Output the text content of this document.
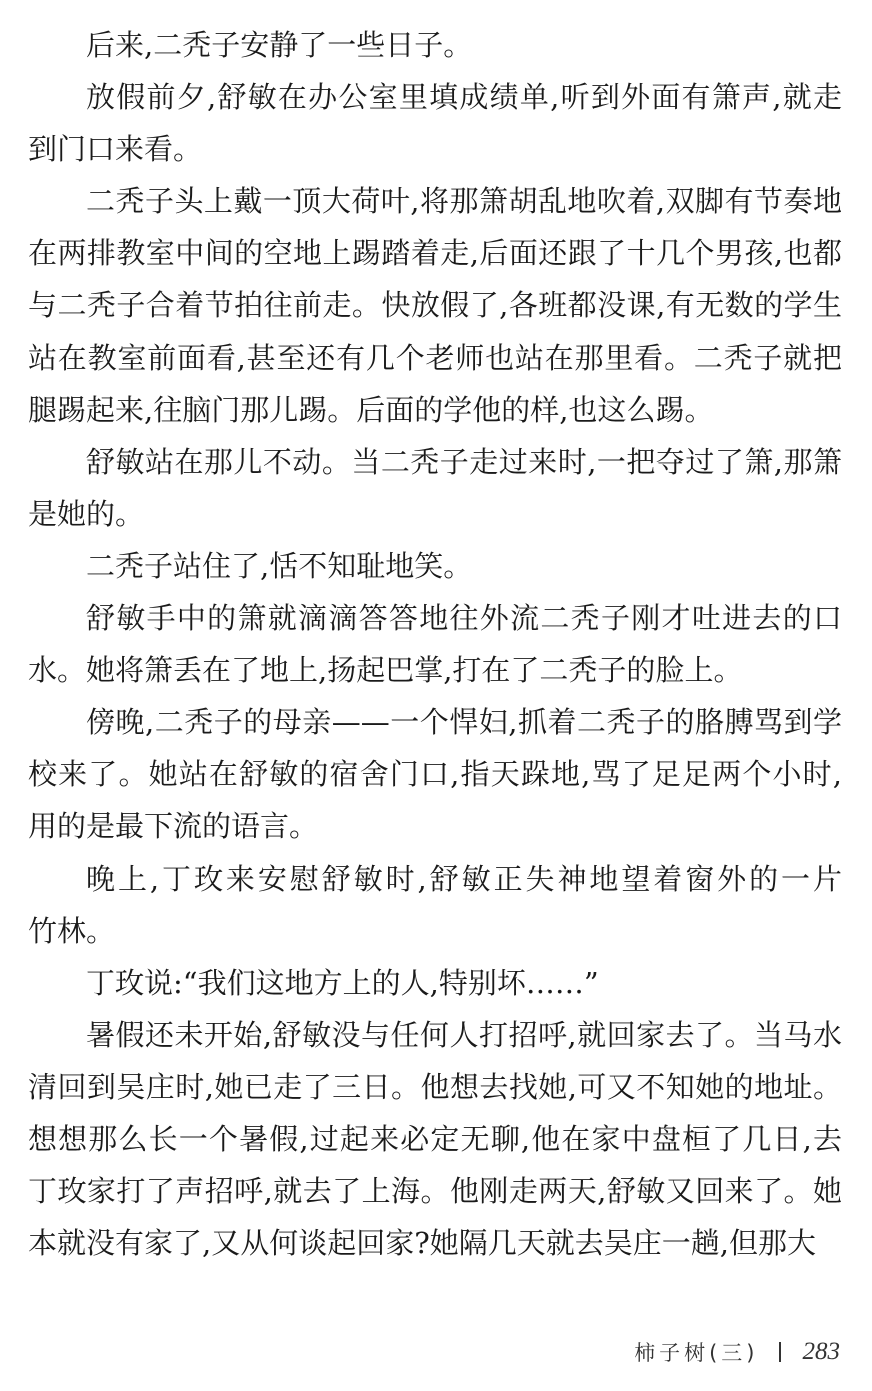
后来,二秃子安静了一些日子。
放假前夕,舒敏在办公室里填成绩单,听到外面有箫声,就走
到门口来看。
二秃子头上戴一顶大荷叶,将那箫胡乱地吹着,双脚有节奏地
在两排教室中间的空地上踢踏着走,后面还跟了十几个男孩,也都
与二秃子合着节拍往前走。快放假了,各班都没课,有无数的学生
站在教室前面看,甚至还有几个老师也站在那里看。二秃子就把
腿踢起来,往脑门那儿踢。后面的学他的样,也这么踢。
舒敏站在那儿不动。当二秃子走过来时,一把夺过了箫,那箫
是她的。
二秃子站住了,恬不知耻地笑。
舒敏手中的箫就滴滴答答地往外流二秃子刚才吐进去的口
水。她将箫丢在了地上,扬起巴掌,打在了二秃子的脸上。
傍晚,二秃子的母亲——一个悍妇,抓着二秃子的胳膊骂到学
校来了。她站在舒敏的宿舍门口,指天跺地,骂了足足两个小时,
用的是最下流的语言。
晚上,丁玫来安慰舒敏时,舒敏正失神地望着窗外的一片
竹林。
丁玫说:“我们这地方上的人,特别坏……”
暑假还未开始,舒敏没与任何人打招呼,就回家去了。当马水
清回到吴庄时,她已走了三日。他想去找她,可又不知她的地址。
想想那么长一个暑假,过起来必定无聊,他在家中盘桓了几日,去
丁玫家打了声招呼,就去了上海。他刚走两天,舒敏又回来了。她
本就没有家了,又从何谈起回家?她隔几天就去吴庄一趟,但那大
柿子树(三) 283
